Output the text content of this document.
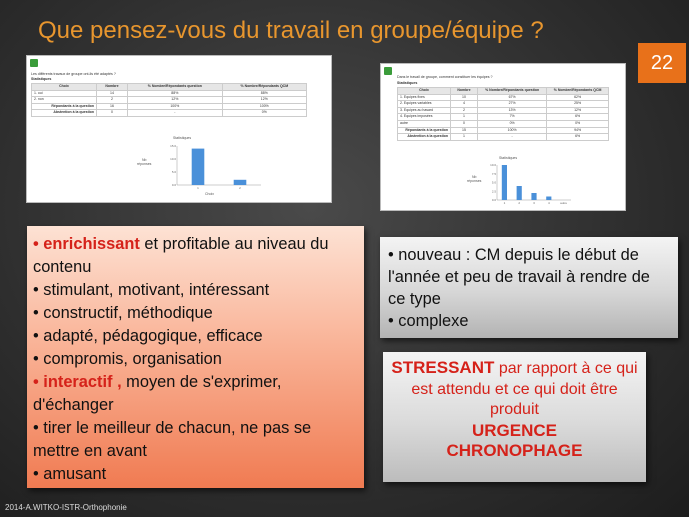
Que pensez-vous du travail en groupe/équipe ?
22
Les différents travaux de groupe ont-ils été adaptés ?
Statistiques
Choix	Nombre	% Nombre/Répondants question	% Nombre/Répondants QCM
1. oui	14	88%	88%
2. non	2	12%	12%
Répondants à la question	16	100%	100%
Abstention à la question	0	-	0%
Statistiques
Nb
réponses
15.0
10.0
5.0
0.0
1	2
Choix
Dans le travail de groupe, comment constituer les équipes ?
Statistiques
Choix	Nombre	% Nombre/Répondants question	% Nombre/Répondants QCM
1. Equipes fixes	10	67%	62%
2. Equipes variables	4	27%	25%
3. Equipes au hasard	2	13%	12%
4. Equipes imposées	1	7%	6%
autre	0	0%	0%
Répondants à la question	15	100%	94%
Abstention à la question	1	-	6%
Statistiques
Nb
réponses
10.0
7.5
5.0
2.5
0.0
1	2	3	4	autre
• enrichissant et profitable au niveau du contenu
• stimulant, motivant, intéressant
• constructif, méthodique
• adapté, pédagogique, efficace
• compromis, organisation
• interactif , moyen de s'exprimer, d'échanger
• tirer le meilleur de chacun, ne pas se mettre en avant
• amusant
• nouveau : CM depuis le début de l'année et peu de travail à rendre de ce type
• complexe
STRESSANT par rapport à ce qui est attendu et ce qui doit être produit
URGENCE
CHRONOPHAGE
2014-A.WITKO-ISTR-Orthophonie
